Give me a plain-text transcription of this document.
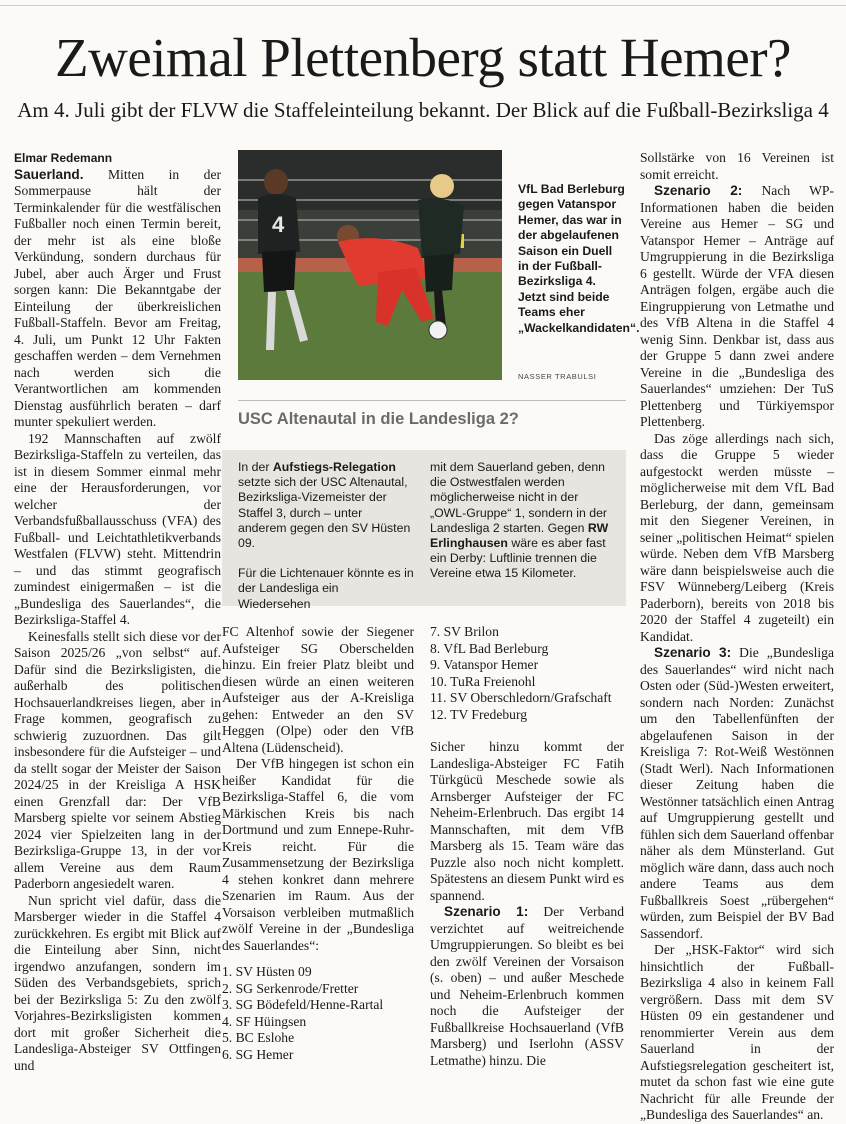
Zweimal Plettenberg statt Hemer?
Am 4. Juli gibt der FLVW die Staffeleinteilung bekannt. Der Blick auf die Fußball-Bezirksliga 4

Elmar Redemann

Sauerland. Mitten in der Sommerpause hält der Terminkalender für die westfälischen Fußballer noch einen Termin bereit, der mehr ist als eine bloße Verkündung, sondern durchaus für Jubel, aber auch Ärger und Frust sorgen kann: Die Bekanntgabe der Einteilung der überkreislichen Fußball-Staffeln. Bevor am Freitag, 4. Juli, um Punkt 12 Uhr Fakten geschaffen werden – dem Vernehmen nach werden sich die Verantwortlichen am kommenden Dienstag ausführlich beraten – darf munter spekuliert werden.

192 Mannschaften auf zwölf Bezirksliga-Staffeln zu verteilen, das ist in diesem Sommer einmal mehr eine der Herausforderungen, vor welcher der Verbandsfußballausschuss (VFA) des Fußball- und Leichtathletikverbands Westfalen (FLVW) steht. Mittendrin – und das stimmt geografisch zumindest einigermaßen – ist die „Bundesliga des Sauerlandes“, die Bezirksliga-Staffel 4.

Keinesfalls stellt sich diese vor der Saison 2025/26 „von selbst“ auf. Dafür sind die Bezirksligisten, die außerhalb des politischen Hochsauerlandkreises liegen, aber in Frage kommen, geografisch zu schwierig zuzuordnen. Das gilt insbesondere für die Aufsteiger – und da stellt sogar der Meister der Saison 2024/25 in der Kreisliga A HSK einen Grenzfall dar: Der VfB Marsberg spielte vor seinem Abstieg 2024 vier Spielzeiten lang in der Bezirksliga-Gruppe 13, in der vor allem Vereine aus dem Raum Paderborn angesiedelt waren.

Nun spricht viel dafür, dass die Marsberger wieder in die Staffel 4 zurückkehren. Es ergibt mit Blick auf die Einteilung aber Sinn, nicht irgendwo anzufangen, sondern im Süden des Verbandsgebiets, sprich bei der Bezirksliga 5: Zu den zwölf Vorjahres-Bezirksligisten kommen dort mit großer Sicherheit die Landesliga-Absteiger SV Ottfingen und

4
VfL Bad Berleburg gegen Vatanspor Hemer, das war in der abgelaufenen Saison ein Duell in der Fußball-Bezirksliga 4. Jetzt sind beide Teams eher „Wackelkandidaten“.
NASSER TRABULSI
USC Altenautal in die Landesliga 2?

In der Aufstiegs-Relegation setzte sich der USC Altenautal, Bezirksliga-Vizemeister der Staffel 3, durch – unter anderem gegen den SV Hüsten 09.

Für die Lichtenauer könnte es in der Landesliga ein Wiedersehen

mit dem Sauerland geben, denn die Ostwestfalen werden möglicherweise nicht in der „OWL-Gruppe“ 1, sondern in der Landesliga 2 starten. Gegen RW Erlinghausen wäre es aber fast ein Derby: Luftlinie trennen die Vereine etwa 15 Kilometer.

FC Altenhof sowie der Siegener Aufsteiger SG Oberschelden hinzu. Ein freier Platz bleibt und diesen würde an einen weiteren Aufsteiger aus der A-Kreisliga gehen: Entweder an den SV Heggen (Olpe) oder den VfB Altena (Lüdenscheid).

Der VfB hingegen ist schon ein heißer Kandidat für die Bezirksliga-Staffel 6, die vom Märkischen Kreis bis nach Dortmund und zum Ennepe-Ruhr-Kreis reicht. Für die Zusammensetzung der Bezirksliga 4 stehen konkret dann mehrere Szenarien im Raum. Aus der Vorsaison verbleiben mutmaßlich zwölf Vereine in der „Bundesliga des Sauerlandes“:

1. SV Hüsten 09
2. SG Serkenrode/Fretter
3. SG Bödefeld/Henne-Rartal
4. SF Hüingsen
5. BC Eslohe
6. SG Hemer
7. SV Brilon
8. VfL Bad Berleburg
9. Vatanspor Hemer
10. TuRa Freienohl
11. SV Oberschledorn/Grafschaft
12. TV Fredeburg

Sicher hinzu kommt der Landesliga-Absteiger FC Fatih Türkgücü Meschede sowie als Arnsberger Aufsteiger der FC Neheim-Erlenbruch. Das ergibt 14 Mannschaften, mit dem VfB Marsberg als 15. Team wäre das Puzzle also noch nicht komplett. Spätestens an diesem Punkt wird es spannend.

Szenario 1: Der Verband verzichtet auf weitreichende Umgruppierungen. So bleibt es bei den zwölf Vereinen der Vorsaison (s. oben) – und außer Meschede und Neheim-Erlenbruch kommen noch die Aufsteiger der Fußballkreise Hochsauerland (VfB Marsberg) und Iserlohn (ASSV Letmathe) hinzu. Die

Sollstärke von 16 Vereinen ist somit erreicht.

Szenario 2: Nach WP-Informationen haben die beiden Vereine aus Hemer – SG und Vatanspor Hemer – Anträge auf Umgruppierung in die Bezirksliga 6 gestellt. Würde der VFA diesen Anträgen folgen, ergäbe auch die Eingruppierung von Letmathe und des VfB Altena in die Staffel 4 wenig Sinn. Denkbar ist, dass aus der Gruppe 5 dann zwei andere Vereine in die „Bundesliga des Sauerlandes“ umziehen: Der TuS Plettenberg und Türkiyemspor Plettenberg.

Das zöge allerdings nach sich, dass die Gruppe 5 wieder aufgestockt werden müsste – möglicherweise mit dem VfL Bad Berleburg, der dann, gemeinsam mit den Siegener Vereinen, in seiner „politischen Heimat“ spielen würde. Neben dem VfB Marsberg wäre dann beispielsweise auch die FSV Wünneberg/Leiberg (Kreis Paderborn), bereits von 2018 bis 2020 der Staffel 4 zugeteilt) ein Kandidat.

Szenario 3: Die „Bundesliga des Sauerlandes“ wird nicht nach Osten oder (Süd-)Westen erweitert, sondern nach Norden: Zunächst um den Tabellenfünften der abgelaufenen Saison in der Kreisliga 7: Rot-Weiß Westönnen (Stadt Werl). Nach Informationen dieser Zeitung haben die Westönner tatsächlich einen Antrag auf Umgruppierung gestellt und fühlen sich dem Sauerland offenbar näher als dem Münsterland. Gut möglich wäre dann, dass auch noch andere Teams aus dem Fußballkreis Soest „rübergehen“ würden, zum Beispiel der BV Bad Sassendorf.

Der „HSK-Faktor“ wird sich hinsichtlich der Fußball-Bezirksliga 4 also in keinem Fall vergrößern. Dass mit dem SV Hüsten 09 ein gestandener und renommierter Verein aus dem Sauerland in der Aufstiegsrelegation gescheitert ist, mutet da schon fast wie eine gute Nachricht für alle Freunde der „Bundesliga des Sauerlandes“ an.
